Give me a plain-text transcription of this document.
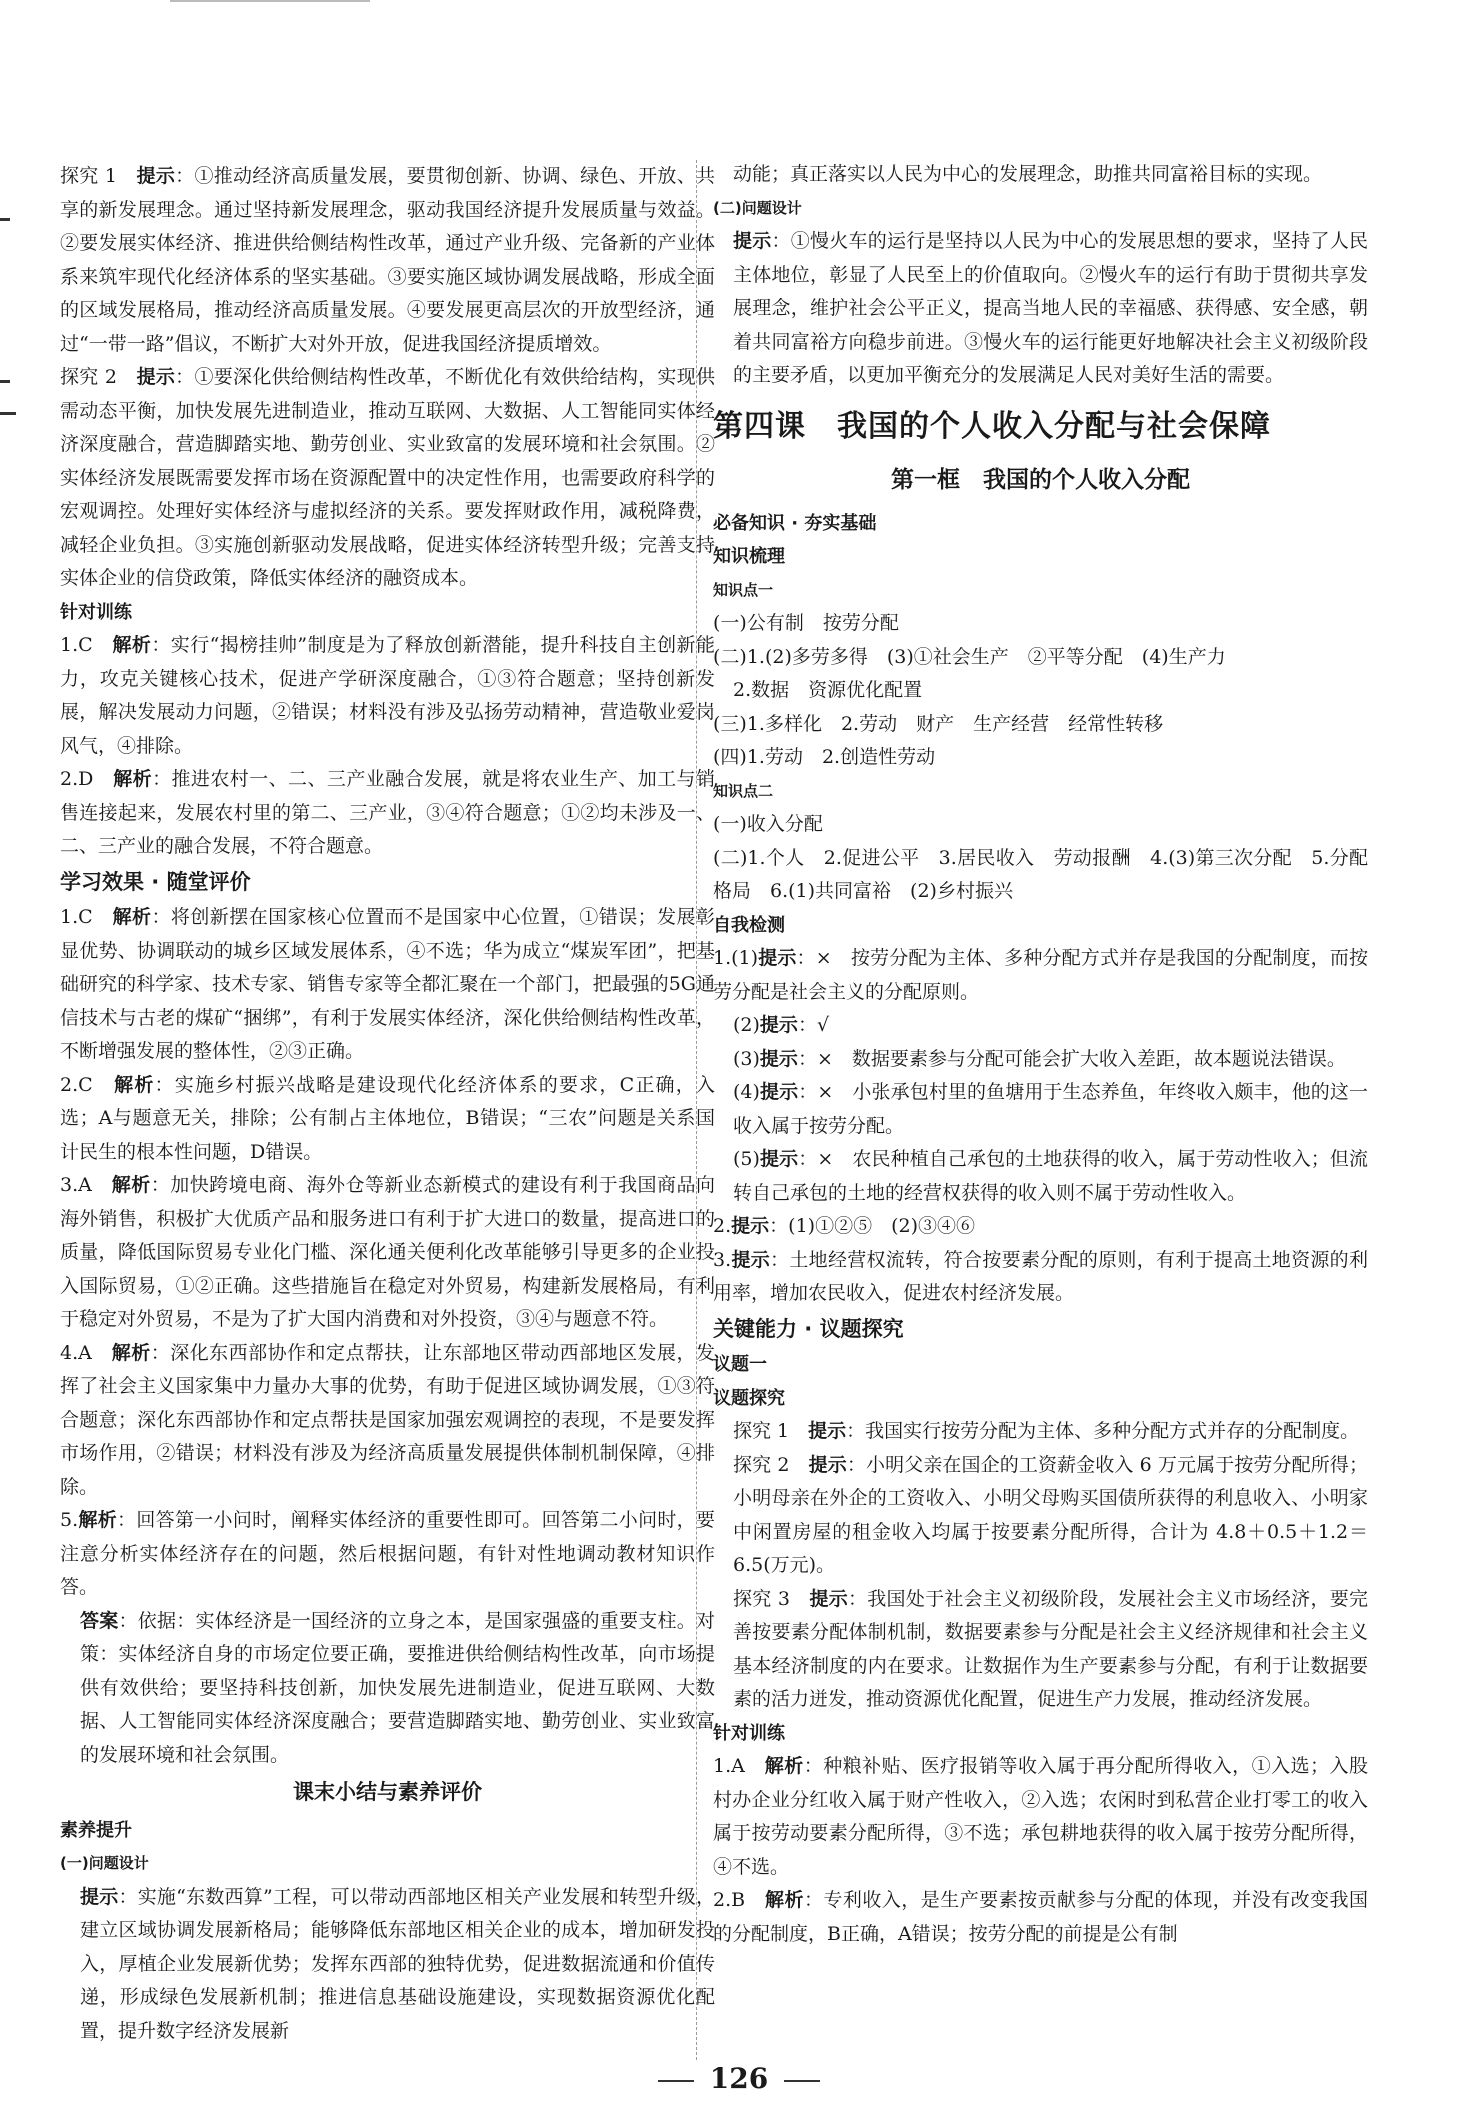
探究 1　提示：①推动经济高质量发展，要贯彻创新、协调、绿色、开放、共享的新发展理念。通过坚持新发展理念，驱动我国经济提升发展质量与效益。②要发展实体经济、推进供给侧结构性改革，通过产业升级、完备新的产业体系来筑牢现代化经济体系的坚实基础。③要实施区域协调发展战略，形成全面的区域发展格局，推动经济高质量发展。④要发展更高层次的开放型经济，通过“一带一路”倡议，不断扩大对外开放，促进我国经济提质增效。
探究 2　提示：①要深化供给侧结构性改革，不断优化有效供给结构，实现供需动态平衡，加快发展先进制造业，推动互联网、大数据、人工智能同实体经济深度融合，营造脚踏实地、勤劳创业、实业致富的发展环境和社会氛围。②实体经济发展既需要发挥市场在资源配置中的决定性作用，也需要政府科学的宏观调控。处理好实体经济与虚拟经济的关系。要发挥财政作用，减税降费，减轻企业负担。③实施创新驱动发展战略，促进实体经济转型升级；完善支持实体企业的信贷政策，降低实体经济的融资成本。
针对训练
1.C　解析：实行“揭榜挂帅”制度是为了释放创新潜能，提升科技自主创新能力，攻克关键核心技术，促进产学研深度融合，①③符合题意；坚持创新发展，解决发展动力问题，②错误；材料没有涉及弘扬劳动精神，营造敬业爱岗风气，④排除。
2.D　解析：推进农村一、二、三产业融合发展，就是将农业生产、加工与销售连接起来，发展农村里的第二、三产业，③④符合题意；①②均未涉及一、二、三产业的融合发展，不符合题意。
学习效果 · 随堂评价
1.C　解析：将创新摆在国家核心位置而不是国家中心位置，①错误；发展彰显优势、协调联动的城乡区域发展体系，④不选；华为成立“煤炭军团”，把基础研究的科学家、技术专家、销售专家等全都汇聚在一个部门，把最强的5G通信技术与古老的煤矿“捆绑”，有利于发展实体经济，深化供给侧结构性改革，不断增强发展的整体性，②③正确。
2.C　解析：实施乡村振兴战略是建设现代化经济体系的要求，C正确，入选；A与题意无关，排除；公有制占主体地位，B错误；“三农”问题是关系国计民生的根本性问题，D错误。
3.A　解析：加快跨境电商、海外仓等新业态新模式的建设有利于我国商品向海外销售，积极扩大优质产品和服务进口有利于扩大进口的数量，提高进口的质量，降低国际贸易专业化门槛、深化通关便利化改革能够引导更多的企业投入国际贸易，①②正确。这些措施旨在稳定对外贸易，构建新发展格局，有利于稳定对外贸易，不是为了扩大国内消费和对外投资，③④与题意不符。
4.A　解析：深化东西部协作和定点帮扶，让东部地区带动西部地区发展，发挥了社会主义国家集中力量办大事的优势，有助于促进区域协调发展，①③符合题意；深化东西部协作和定点帮扶是国家加强宏观调控的表现，不是要发挥市场作用，②错误；材料没有涉及为经济高质量发展提供体制机制保障，④排除。
5.解析：回答第一小问时，阐释实体经济的重要性即可。回答第二小问时，要注意分析实体经济存在的问题，然后根据问题，有针对性地调动教材知识作答。
答案：依据：实体经济是一国经济的立身之本，是国家强盛的重要支柱。对策：实体经济自身的市场定位要正确，要推进供给侧结构性改革，向市场提供有效供给；要坚持科技创新，加快发展先进制造业，促进互联网、大数据、人工智能同实体经济深度融合；要营造脚踏实地、勤劳创业、实业致富的发展环境和社会氛围。
课末小结与素养评价
素养提升
(一)问题设计
提示：实施“东数西算”工程，可以带动西部地区相关产业发展和转型升级，建立区域协调发展新格局；能够降低东部地区相关企业的成本，增加研发投入，厚植企业发展新优势；发挥东西部的独特优势，促进数据流通和价值传递，形成绿色发展新机制；推进信息基础设施建设，实现数据资源优化配置，提升数字经济发展新
动能；真正落实以人民为中心的发展理念，助推共同富裕目标的实现。
(二)问题设计
提示：①慢火车的运行是坚持以人民为中心的发展思想的要求，坚持了人民主体地位，彰显了人民至上的价值取向。②慢火车的运行有助于贯彻共享发展理念，维护社会公平正义，提高当地人民的幸福感、获得感、安全感，朝着共同富裕方向稳步前进。③慢火车的运行能更好地解决社会主义初级阶段的主要矛盾，以更加平衡充分的发展满足人民对美好生活的需要。
第四课　我国的个人收入分配与社会保障
第一框　我国的个人收入分配
必备知识 · 夯实基础
知识梳理
知识点一
(一)公有制　按劳分配
(二)1.(2)多劳多得　(3)①社会生产　②平等分配　(4)生产力
2.数据　资源优化配置
(三)1.多样化　2.劳动　财产　生产经营　经常性转移
(四)1.劳动　2.创造性劳动
知识点二
(一)收入分配
(二)1.个人　2.促进公平　3.居民收入　劳动报酬　4.(3)第三次分配　5.分配格局　6.(1)共同富裕　(2)乡村振兴
自我检测
1.(1)提示：×　按劳分配为主体、多种分配方式并存是我国的分配制度，而按劳分配是社会主义的分配原则。
(2)提示：√
(3)提示：×　数据要素参与分配可能会扩大收入差距，故本题说法错误。
(4)提示：×　小张承包村里的鱼塘用于生态养鱼，年终收入颇丰，他的这一收入属于按劳分配。
(5)提示：×　农民种植自己承包的土地获得的收入，属于劳动性收入；但流转自己承包的土地的经营权获得的收入则不属于劳动性收入。
2.提示：(1)①②⑤　(2)③④⑥
3.提示：土地经营权流转，符合按要素分配的原则，有利于提高土地资源的利用率，增加农民收入，促进农村经济发展。
关键能力 · 议题探究
议题一
议题探究
探究 1　提示：我国实行按劳分配为主体、多种分配方式并存的分配制度。
探究 2　提示：小明父亲在国企的工资薪金收入 6 万元属于按劳分配所得；小明母亲在外企的工资收入、小明父母购买国债所获得的利息收入、小明家中闲置房屋的租金收入均属于按要素分配所得，合计为 4.8＋0.5＋1.2＝6.5(万元)。
探究 3　提示：我国处于社会主义初级阶段，发展社会主义市场经济，要完善按要素分配体制机制，数据要素参与分配是社会主义经济规律和社会主义基本经济制度的内在要求。让数据作为生产要素参与分配，有利于让数据要素的活力迸发，推动资源优化配置，促进生产力发展，推动经济发展。
针对训练
1.A　解析：种粮补贴、医疗报销等收入属于再分配所得收入，①入选；入股村办企业分红收入属于财产性收入，②入选；农闲时到私营企业打零工的收入属于按劳动要素分配所得，③不选；承包耕地获得的收入属于按劳分配所得，④不选。
2.B　解析：专利收入，是生产要素按贡献参与分配的体现，并没有改变我国的分配制度，B正确，A错误；按劳分配的前提是公有制
126
